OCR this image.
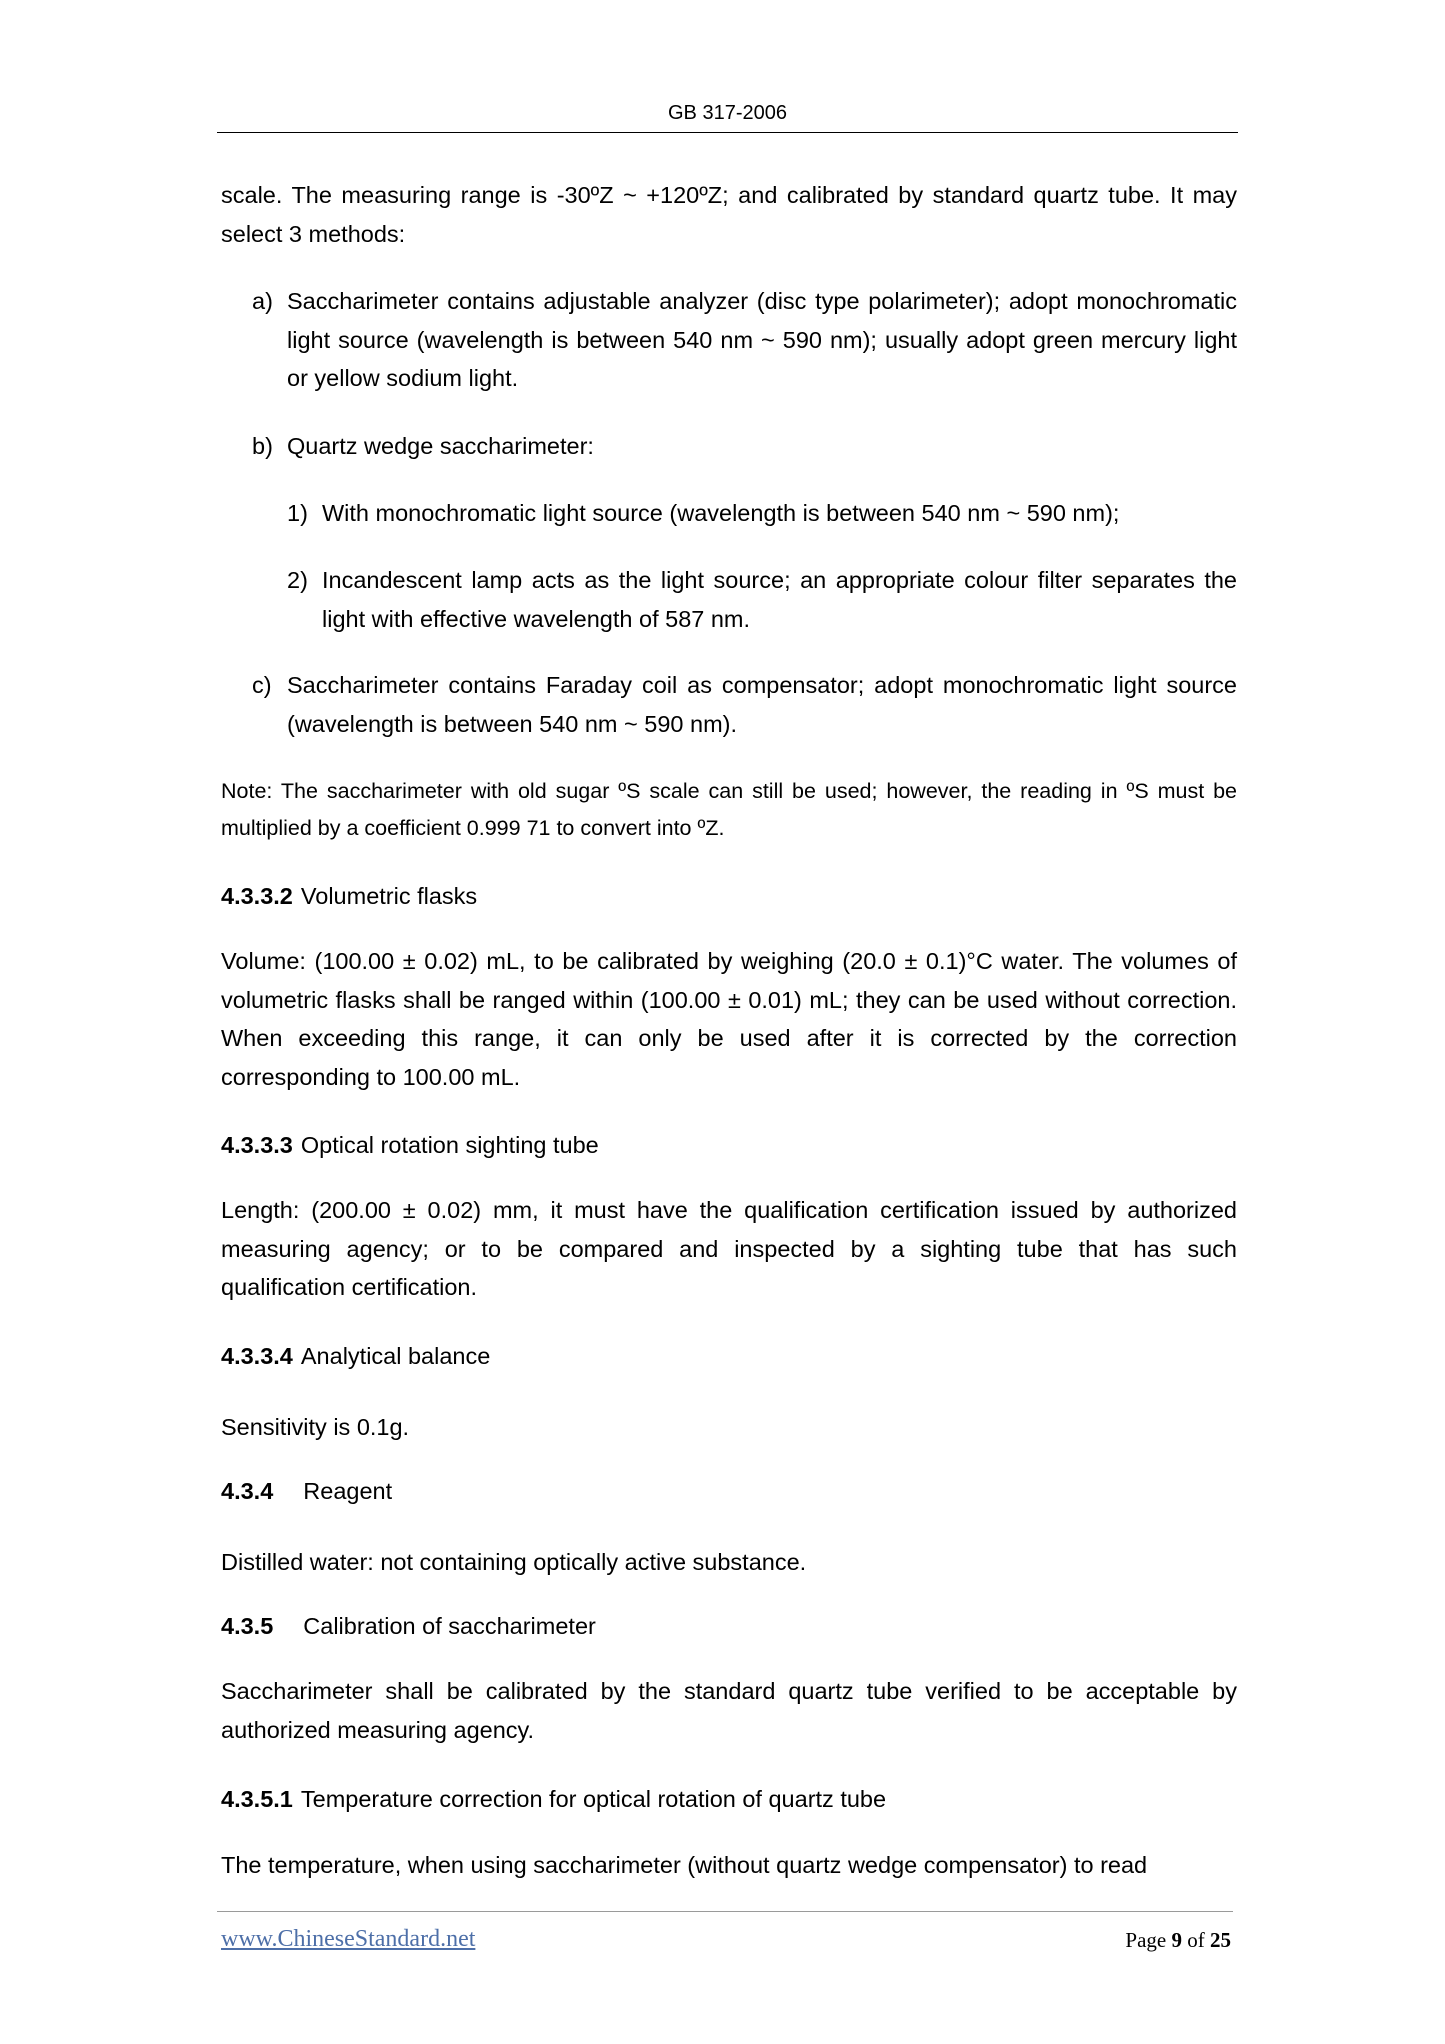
GB 317-2006
scale. The measuring range is -30ºZ ~ +120ºZ; and calibrated by standard quartz tube. It may select 3 methods:
a) Saccharimeter contains adjustable analyzer (disc type polarimeter); adopt monochromatic light source (wavelength is between 540 nm ~ 590 nm); usually adopt green mercury light or yellow sodium light.
b) Quartz wedge saccharimeter:
1) With monochromatic light source (wavelength is between 540 nm ~ 590 nm);
2) Incandescent lamp acts as the light source; an appropriate colour filter separates the light with effective wavelength of 587 nm.
c) Saccharimeter contains Faraday coil as compensator; adopt monochromatic light source (wavelength is between 540 nm ~ 590 nm).
Note: The saccharimeter with old sugar ºS scale can still be used; however, the reading in ºS must be multiplied by a coefficient 0.999 71 to convert into ºZ.
4.3.3.2 Volumetric flasks
Volume: (100.00 ± 0.02) mL, to be calibrated by weighing (20.0 ± 0.1)°C water. The volumes of volumetric flasks shall be ranged within (100.00 ± 0.01) mL; they can be used without correction. When exceeding this range, it can only be used after it is corrected by the correction corresponding to 100.00 mL.
4.3.3.3 Optical rotation sighting tube
Length: (200.00 ± 0.02) mm, it must have the qualification certification issued by authorized measuring agency; or to be compared and inspected by a sighting tube that has such qualification certification.
4.3.3.4 Analytical balance
Sensitivity is 0.1g.
4.3.4 Reagent
Distilled water: not containing optically active substance.
4.3.5 Calibration of saccharimeter
Saccharimeter shall be calibrated by the standard quartz tube verified to be acceptable by authorized measuring agency.
4.3.5.1 Temperature correction for optical rotation of quartz tube
The temperature, when using saccharimeter (without quartz wedge compensator) to read
www.ChineseStandard.net	Page 9 of 25
